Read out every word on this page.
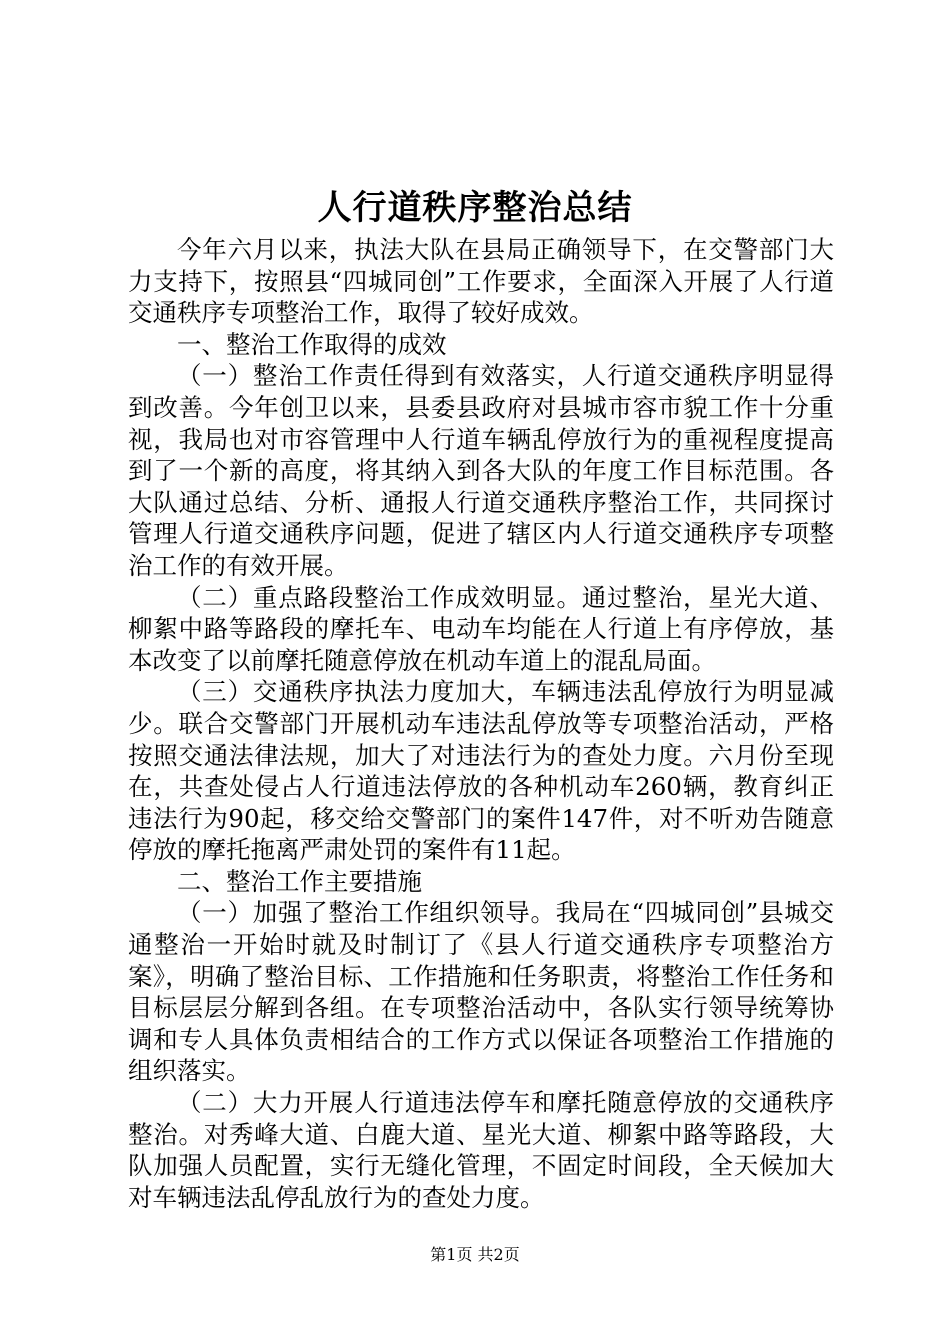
人行道秩序整治总结

今年六月以来，执法大队在县局正确领导下，在交警部门大力支持下，按照县“四城同创”工作要求，全面深入开展了人行道交通秩序专项整治工作，取得了较好成效。

一、整治工作取得的成效

（一）整治工作责任得到有效落实，人行道交通秩序明显得到改善。今年创卫以来，县委县政府对县城市容市貌工作十分重视，我局也对市容管理中人行道车辆乱停放行为的重视程度提高到了一个新的高度，将其纳入到各大队的年度工作目标范围。各大队通过总结、分析、通报人行道交通秩序整治工作，共同探讨管理人行道交通秩序问题，促进了辖区内人行道交通秩序专项整治工作的有效开展。

（二）重点路段整治工作成效明显。通过整治，星光大道、柳絮中路等路段的摩托车、电动车均能在人行道上有序停放，基本改变了以前摩托随意停放在机动车道上的混乱局面。

（三）交通秩序执法力度加大，车辆违法乱停放行为明显减少。联合交警部门开展机动车违法乱停放等专项整治活动，严格按照交通法律法规，加大了对违法行为的查处力度。六月份至现在，共查处侵占人行道违法停放的各种机动车260辆，教育纠正违法行为90起，移交给交警部门的案件147件，对不听劝告随意停放的摩托拖离严肃处罚的案件有11起。

二、整治工作主要措施

（一）加强了整治工作组织领导。我局在“四城同创”县城交通整治一开始时就及时制订了《县人行道交通秩序专项整治方案》，明确了整治目标、工作措施和任务职责，将整治工作任务和目标层层分解到各组。在专项整治活动中，各队实行领导统筹协调和专人具体负责相结合的工作方式以保证各项整治工作措施的组织落实。

（二）大力开展人行道违法停车和摩托随意停放的交通秩序整治。对秀峰大道、白鹿大道、星光大道、柳絮中路等路段，大队加强人员配置，实行无缝化管理，不固定时间段，全天候加大对车辆违法乱停乱放行为的查处力度。

第1页 共2页
